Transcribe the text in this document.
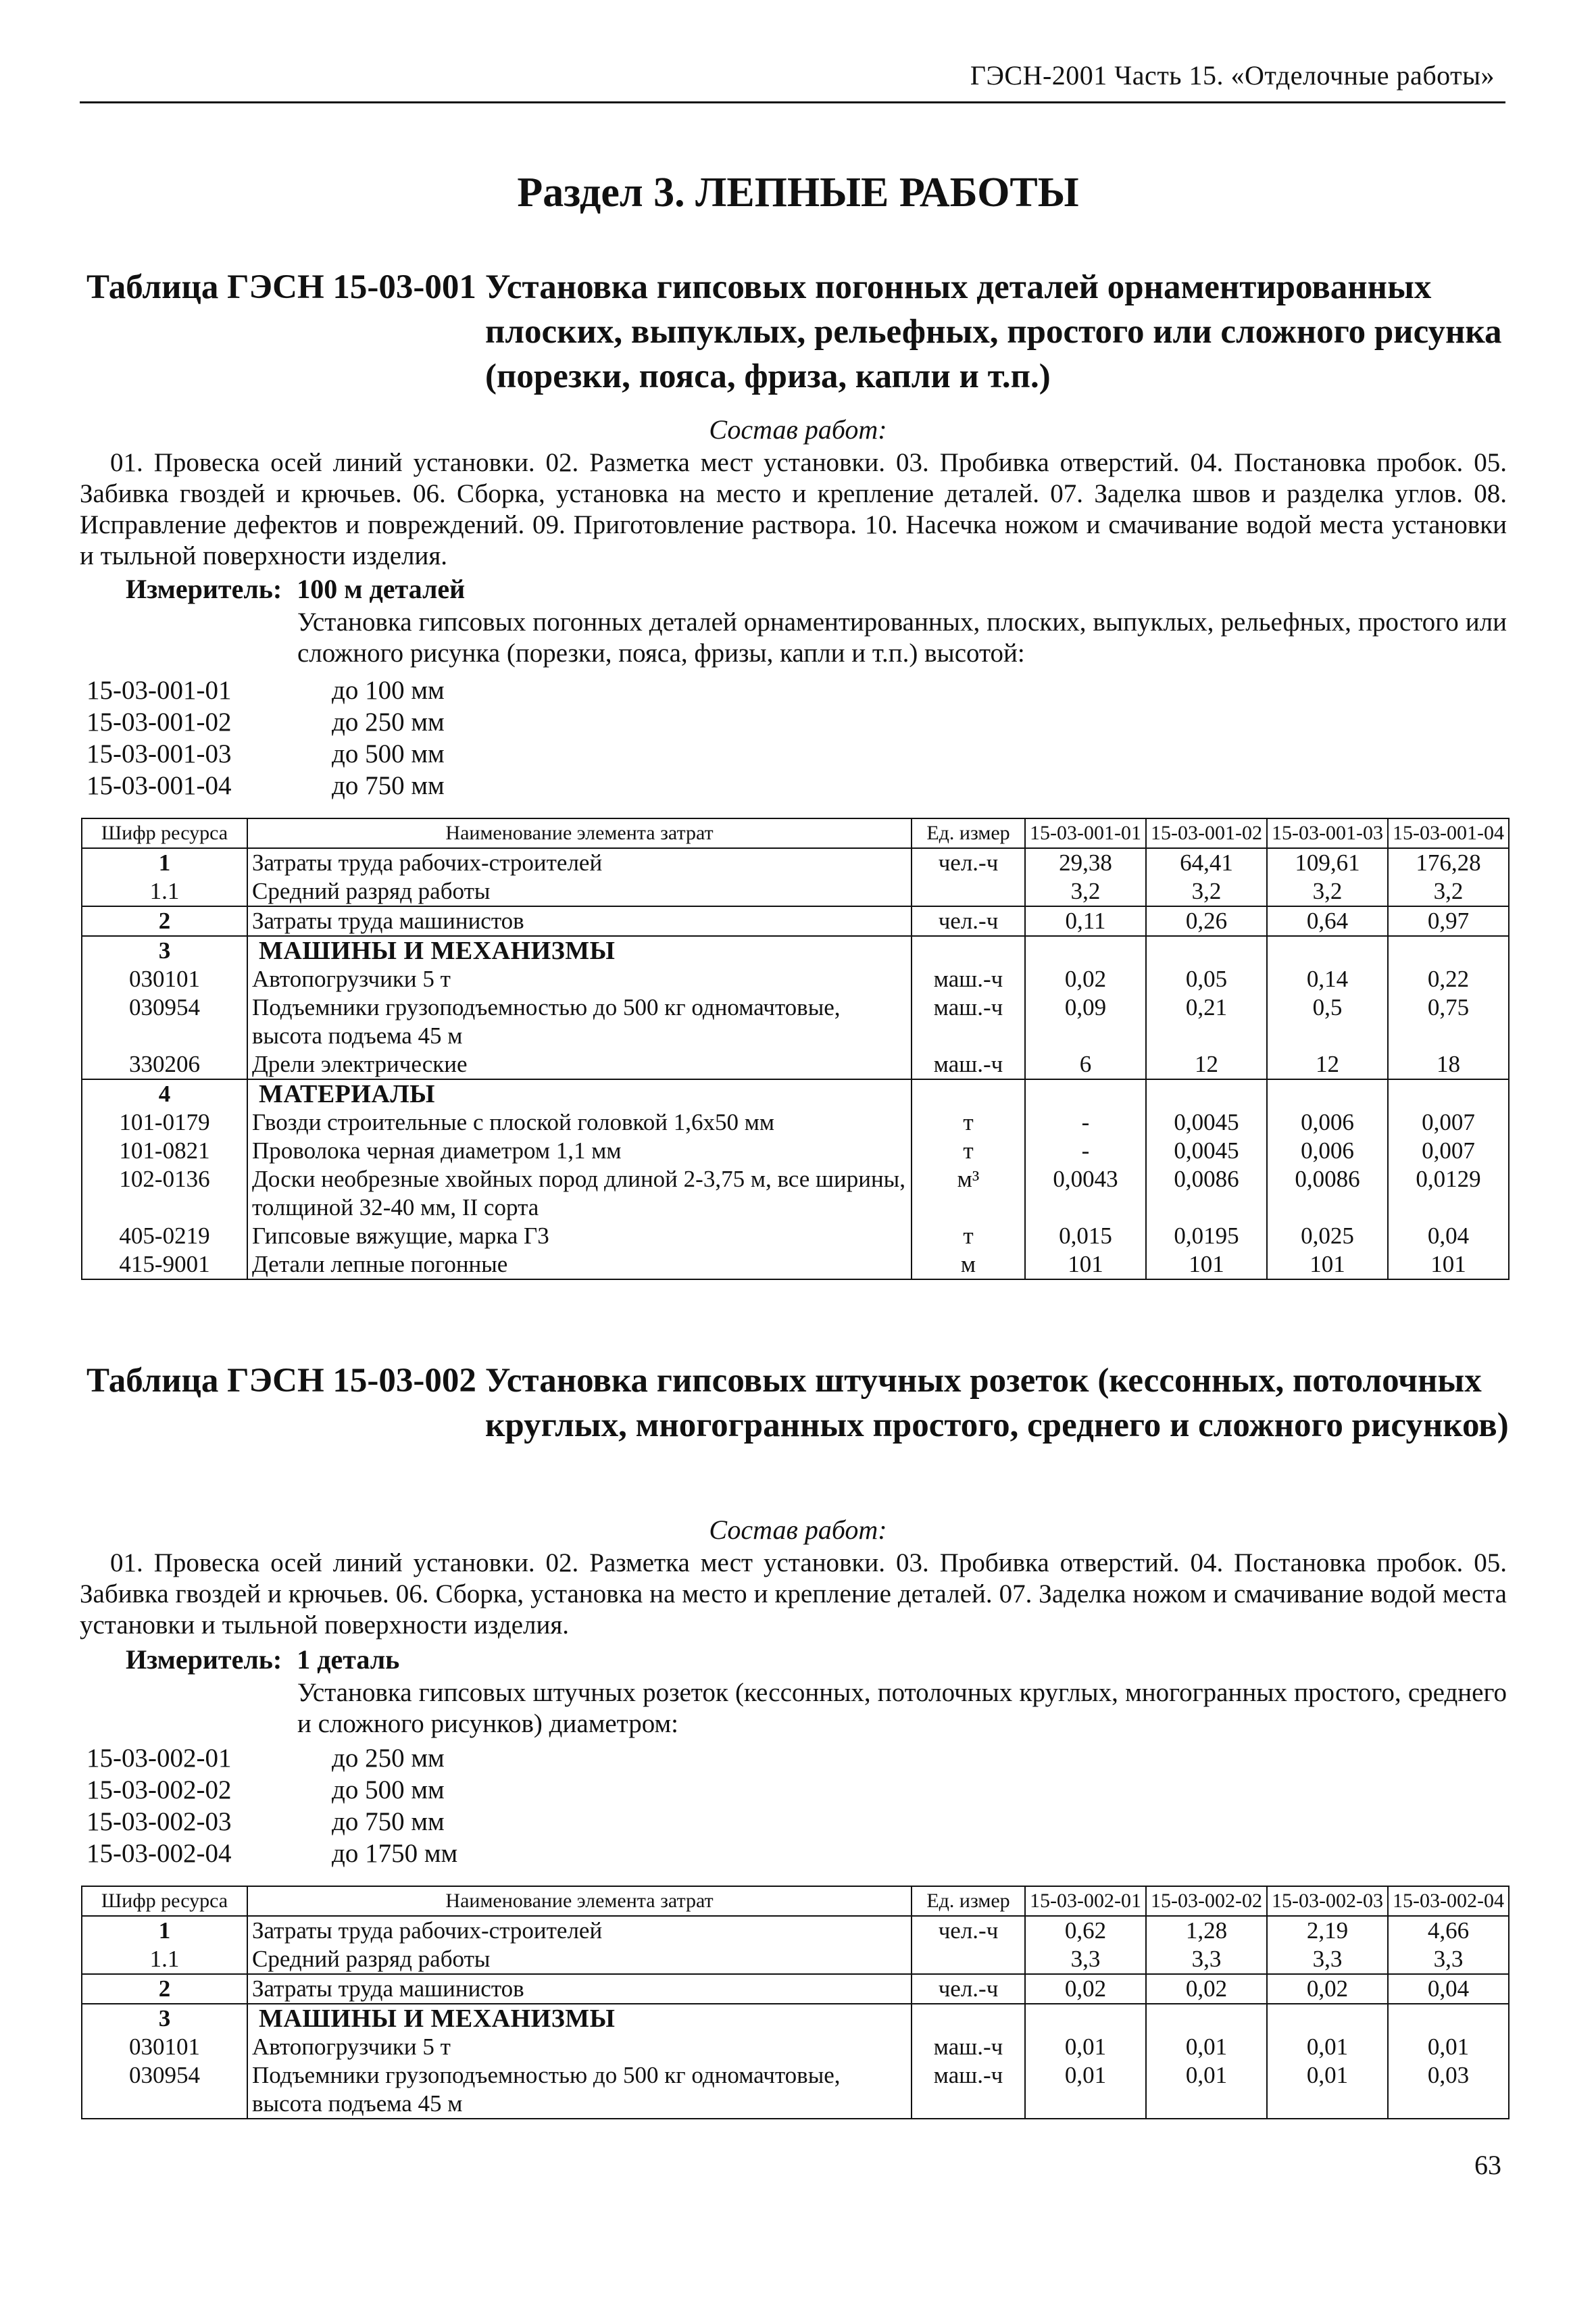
ГЭСН-2001 Часть 15. «Отделочные работы»
Раздел 3. ЛЕПНЫЕ РАБОТЫ
Таблица ГЭСН 15-03-001 Установка гипсовых погонных деталей орнаментированных плоских, выпуклых, рельефных, простого или сложного рисунка (порезки, пояса, фриза, капли и т.п.)
Состав работ:
01. Провеска осей линий установки. 02. Разметка мест установки. 03. Пробивка отверстий. 04. Постановка пробок. 05. Забивка гвоздей и крючьев. 06. Сборка, установка на место и крепление деталей. 07. Заделка швов и разделка углов. 08. Исправление дефектов и повреждений. 09. Приготовление раствора. 10. Насечка ножом и смачивание водой места установки и тыльной поверхности изделия.
Измеритель: 100 м деталей
Установка гипсовых погонных деталей орнаментированных, плоских, выпуклых, рельефных, простого или сложного рисунка (порезки, пояса, фризы, капли и т.п.) высотой:
15-03-001-01	до 100 мм
15-03-001-02	до 250 мм
15-03-001-03	до 500 мм
15-03-001-04	до 750 мм
Шифр ресурса	Наименование элемента затрат	Ед. измер	15-03-001-01	15-03-001-02	15-03-001-03	15-03-001-04
1	Затраты труда рабочих-строителей	чел.-ч	29,38	64,41	109,61	176,28
1.1	Средний разряд работы		3,2	3,2	3,2	3,2
2	Затраты труда машинистов	чел.-ч	0,11	0,26	0,64	0,97
3	МАШИНЫ И МЕХАНИЗМЫ					
030101	Автопогрузчики 5 т	маш.-ч	0,02	0,05	0,14	0,22
030954	Подъемники грузоподъемностью до 500 кг одномачтовые, высота подъема 45 м	маш.-ч	0,09	0,21	0,5	0,75
330206	Дрели электрические	маш.-ч	6	12	12	18
4	МАТЕРИАЛЫ					
101-0179	Гвозди строительные с плоской головкой 1,6х50 мм	т	-	0,0045	0,006	0,007
101-0821	Проволока черная диаметром 1,1 мм	т	-	0,0045	0,006	0,007
102-0136	Доски необрезные хвойных пород длиной 2-3,75 м, все ширины, толщиной 32-40 мм, II сорта	м³	0,0043	0,0086	0,0086	0,0129
405-0219	Гипсовые вяжущие, марка Г3	т	0,015	0,0195	0,025	0,04
415-9001	Детали лепные погонные	м	101	101	101	101
Таблица ГЭСН 15-03-002 Установка гипсовых штучных розеток (кессонных, потолочных круглых, многогранных простого, среднего и сложного рисунков)
Состав работ:
01. Провеска осей линий установки. 02. Разметка мест установки. 03. Пробивка отверстий. 04. Постановка пробок. 05. Забивка гвоздей и крючьев. 06. Сборка, установка на место и крепление деталей. 07. Заделка ножом и смачивание водой места установки и тыльной поверхности изделия.
Измеритель: 1 деталь
Установка гипсовых штучных розеток (кессонных, потолочных круглых, многогранных простого, среднего и сложного рисунков) диаметром:
15-03-002-01	до 250 мм
15-03-002-02	до 500 мм
15-03-002-03	до 750 мм
15-03-002-04	до 1750 мм
Шифр ресурса	Наименование элемента затрат	Ед. измер	15-03-002-01	15-03-002-02	15-03-002-03	15-03-002-04
1	Затраты труда рабочих-строителей	чел.-ч	0,62	1,28	2,19	4,66
1.1	Средний разряд работы		3,3	3,3	3,3	3,3
2	Затраты труда машинистов	чел.-ч	0,02	0,02	0,02	0,04
3	МАШИНЫ И МЕХАНИЗМЫ					
030101	Автопогрузчики 5 т	маш.-ч	0,01	0,01	0,01	0,01
030954	Подъемники грузоподъемностью до 500 кг одномачтовые, высота подъема 45 м	маш.-ч	0,01	0,01	0,01	0,03
63
